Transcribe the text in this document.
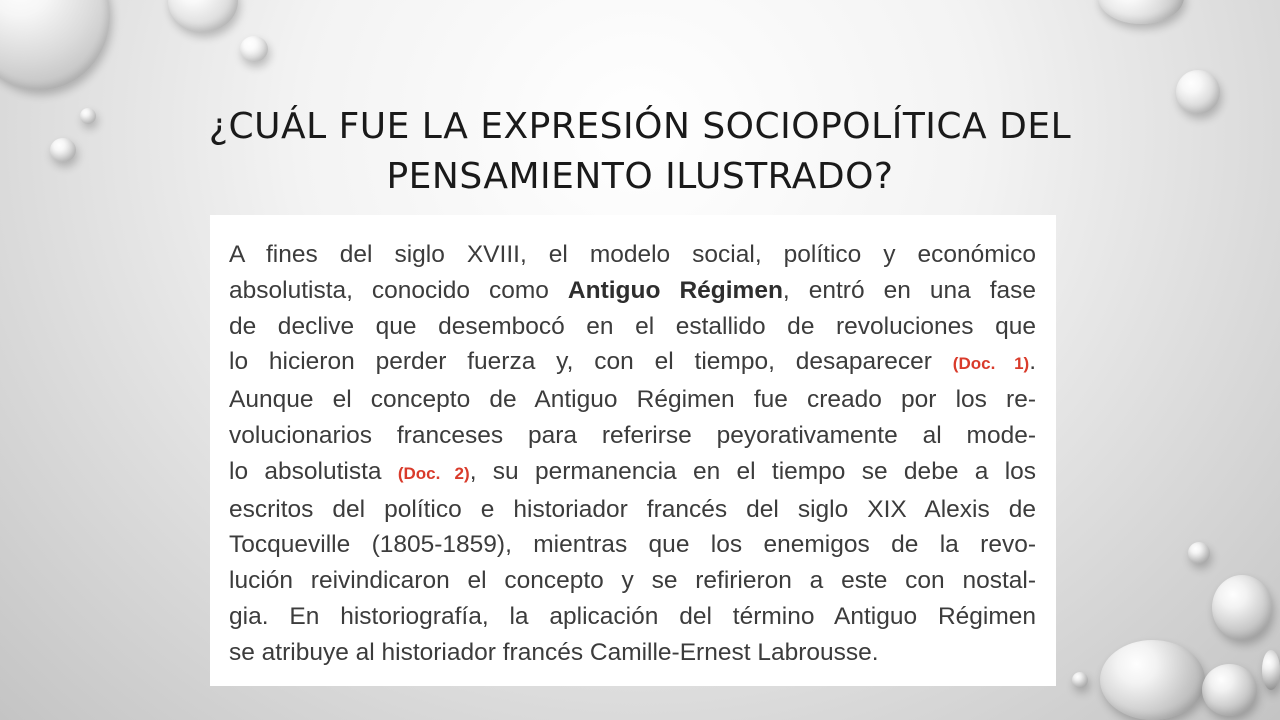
¿CUÁL FUE LA EXPRESIÓN SOCIOPOLÍTICA DEL
PENSAMIENTO ILUSTRADO?
A fines del siglo XVIII, el modelo social, político y económico
absolutista, conocido como Antiguo Régimen, entró en una fase
de declive que desembocó en el estallido de revoluciones que
lo hicieron perder fuerza y, con el tiempo, desaparecer (Doc. 1).
Aunque el concepto de Antiguo Régimen fue creado por los re-
volucionarios franceses para referirse peyorativamente al mode-
lo absolutista (Doc. 2), su permanencia en el tiempo se debe a los
escritos del político e historiador francés del siglo XIX Alexis de
Tocqueville (1805-1859), mientras que los enemigos de la revo-
lución reivindicaron el concepto y se refirieron a este con nostal-
gia. En historiografía, la aplicación del término Antiguo Régimen
se atribuye al historiador francés Camille-Ernest Labrousse.
